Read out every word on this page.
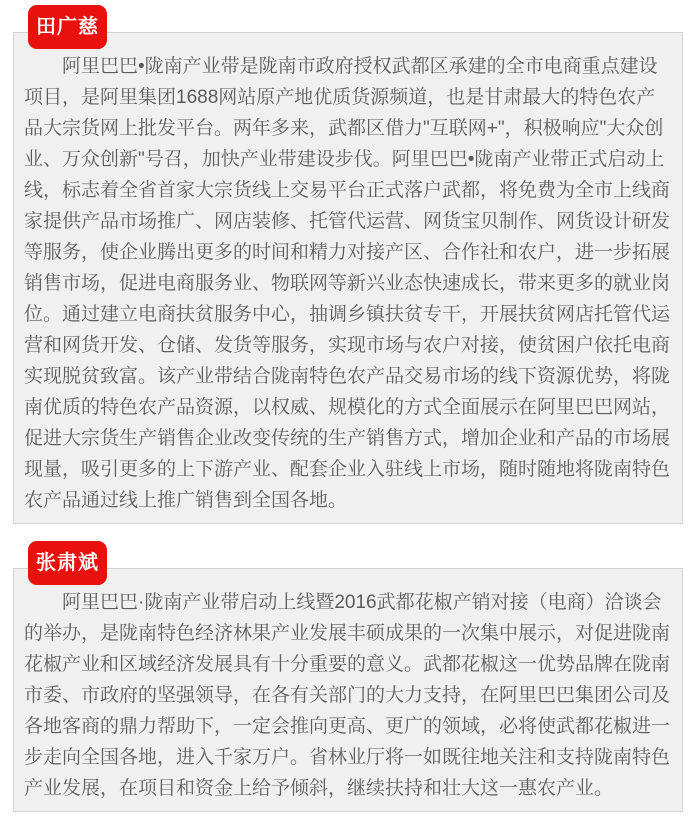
田广慈

阿里巴巴•陇南产业带是陇南市政府授权武都区承建的全市电商重点建设项目，是阿里集团1688网站原产地优质货源频道，也是甘肃最大的特色农产品大宗货网上批发平台。两年多来，武都区借力"互联网+"，积极响应"大众创业、万众创新"号召，加快产业带建设步伐。阿里巴巴•陇南产业带正式启动上线，标志着全省首家大宗货线上交易平台正式落户武都，将免费为全市上线商家提供产品市场推广、网店装修、托管代运营、网货宝贝制作、网货设计研发等服务，使企业腾出更多的时间和精力对接产区、合作社和农户，进一步拓展销售市场，促进电商服务业、物联网等新兴业态快速成长，带来更多的就业岗位。通过建立电商扶贫服务中心，抽调乡镇扶贫专干，开展扶贫网店托管代运营和网货开发、仓储、发货等服务，实现市场与农户对接，使贫困户依托电商实现脱贫致富。该产业带结合陇南特色农产品交易市场的线下资源优势，将陇南优质的特色农产品资源，以权威、规模化的方式全面展示在阿里巴巴网站，促进大宗货生产销售企业改变传统的生产销售方式，增加企业和产品的市场展现量，吸引更多的上下游产业、配套企业入驻线上市场，随时随地将陇南特色农产品通过线上推广销售到全国各地。

张肃斌

阿里巴巴·陇南产业带启动上线暨2016武都花椒产销对接（电商）洽谈会的举办，是陇南特色经济林果产业发展丰硕成果的一次集中展示，对促进陇南花椒产业和区域经济发展具有十分重要的意义。武都花椒这一优势品牌在陇南市委、市政府的坚强领导，在各有关部门的大力支持，在阿里巴巴集团公司及各地客商的鼎力帮助下，一定会推向更高、更广的领域，必将使武都花椒进一步走向全国各地，进入千家万户。省林业厅将一如既往地关注和支持陇南特色产业发展，在项目和资金上给予倾斜，继续扶持和壮大这一惠农产业。
